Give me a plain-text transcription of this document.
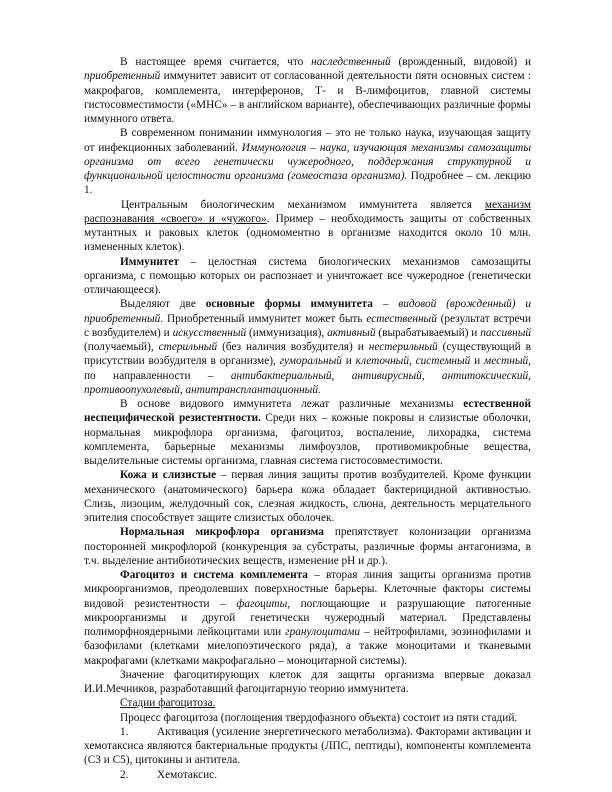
В настоящее время считается, что наследственный (врожденный, видовой) и приобретенный иммунитет зависит от согласованной деятельности пяти основных систем : макрофагов, комплемента, интерферонов, Т- и В-лимфоцитов, главной системы гистосовместимости («МНС» – в английском варианте), обеспечивающих различные формы иммунного ответа.

В современном понимании иммунология – это не только наука, изучающая защиту от инфекционных заболеваний. Иммунология – наука, изучающая механизмы самозащиты организма от всего генетически чужеродного, поддержания структурной и функциональной целостности организма (гомеостаза организма). Подробнее – см. лекцию 1.

Центральным биологическим механизмом иммунитета является механизм распознавания «своего» и «чужого». Пример – необходимость защиты от собственных мутантных и раковых клеток (одномоментно в организме находится около 10 млн. измененных клеток).

Иммунитет – целостная система биологических механизмов самозащиты организма, с помощью которых он распознает и уничтожает все чужеродное (генетически отличающееся).

Выделяют две основные формы иммунитета – видовой (врожденный) и приобретенный. Приобретенный иммунитет может быть естественный (результат встречи с возбудителем) и искусственный (иммунизация), активный (вырабатываемый) и пассивный (получаемый), стерильный (без наличия возбудителя) и нестерильный (существующий в присутствии возбудителя в организме), гуморальный и клеточный, системный и местный, по направленности – антибактериальный, антивирусный, антитоксический, противоопухолевый, антитрансплантационный.

В основе видового иммунитета лежат различные механизмы естественной неспецифической резистентности. Среди них – кожные покровы и слизистые оболочки, нормальная микрофлора организма, фагоцитоз, воспаление, лихорадка, система комплемента, барьерные механизмы лимфоузлов, противомикробные вещества, выделительные системы организма, главная система гистосовместимости.

Кожа и слизистые – первая линия защиты против возбудителей. Кроме функции механического (анатомического) барьера кожа обладает бактерицидной активностью. Слизь, лизоцим, желудочный сок, слезная жидкость, слюна, деятельность мерцательного эпителия способствует защите слизистых оболочек.

Нормальная микрофлора организма препятствует колонизации организма посторонней микрофлорой (конкуренция за субстраты, различные формы антагонизма, в т.ч. выделение антибиотических веществ, изменение pH и др.).

Фагоцитоз и система комплемента – вторая линия защиты организма против микроорганизмов, преодолевших поверхностные барьеры. Клеточные факторы системы видовой резистентности – фагоциты, поглощающие и разрушающие патогенные микроорганизмы и другой генетически чужеродный материал. Представлены полиморфноядерными лейкоцитами или гранулоцитами – нейтрофилами, эозинофилами и базофилами (клетками миелопоэтического ряда), а также моноцитами и тканевыми макрофагами (клетками макрофагально – моноцитарной системы).

Значение фагоцитирующих клеток для защиты организма впервые доказал И.И.Мечников, разработавший фагоцитарную теорию иммунитета.

Стадии фагоцитоза.

Процесс фагоцитоза (поглощения твердофазного объекта) состоит из пяти стадий.

1.	Активация (усиление энергетического метаболизма). Факторами активации и хемотаксиса являются бактериальные продукты (ЛПС, пептиды), компоненты комплемента (С3 и С5), цитокины и антитела.

2.	Хемотаксис.
